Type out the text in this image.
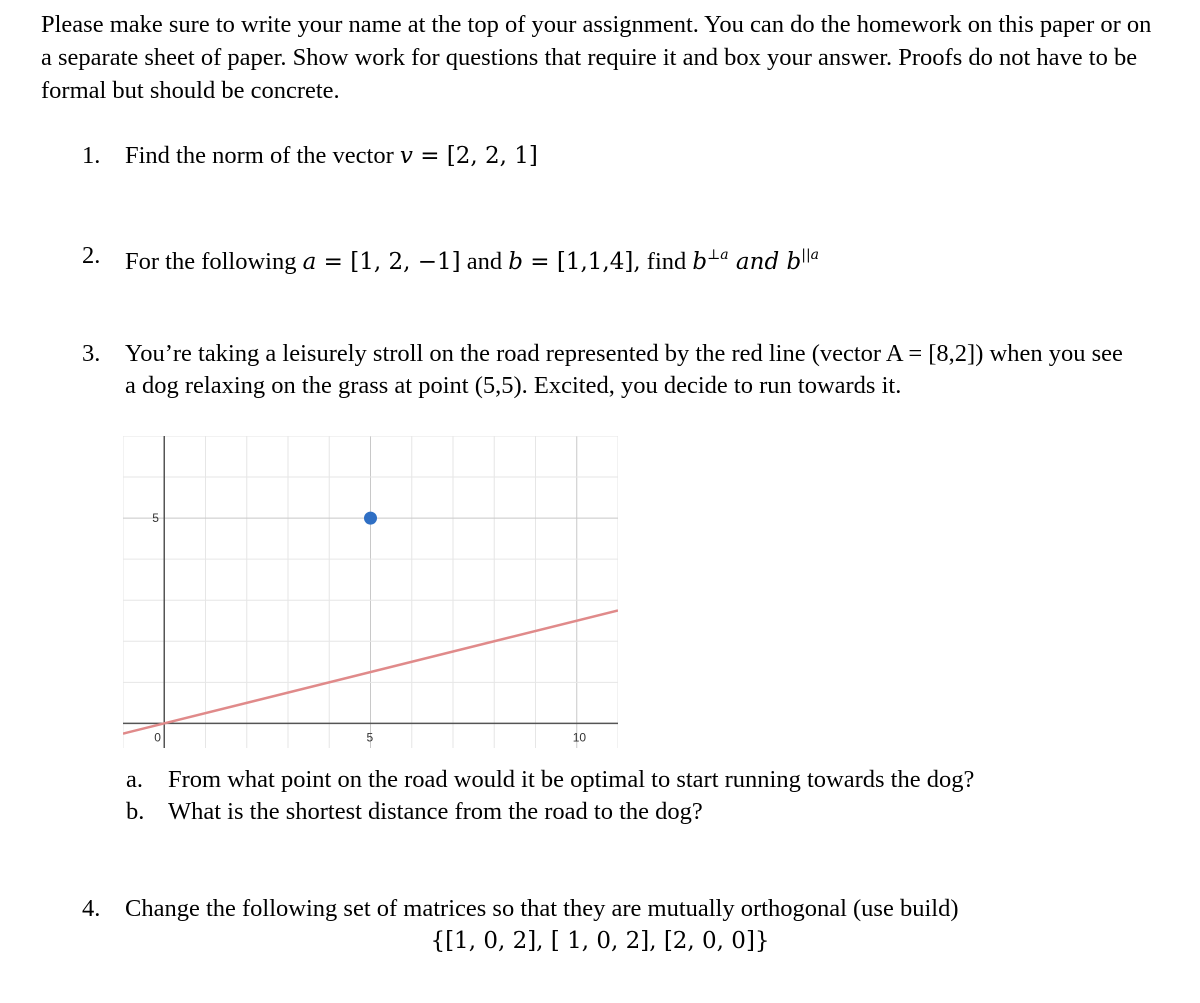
Please make sure to write your name at the top of your assignment. You can do the homework on this paper or on a separate sheet of paper. Show work for questions that require it and box your answer. Proofs do not have to be formal but should be concrete.
1. Find the norm of the vector v = [2, 2, 1]
2. For the following a = [1, 2, −1] and b = [1,1,4], find $b^{\perp a}$ and $b^{||a}$
3. You’re taking a leisurely stroll on the road represented by the red line (vector A = [8,2]) when you see a dog relaxing on the grass at point (5,5). Excited, you decide to run towards it.
0	5	10
5
a. From what point on the road would it be optimal to start running towards the dog?
b. What is the shortest distance from the road to the dog?
4. Change the following set of matrices so that they are mutually orthogonal (use build)
{[1, 0, 2], [ 1, 0, 2], [2, 0, 0]}
